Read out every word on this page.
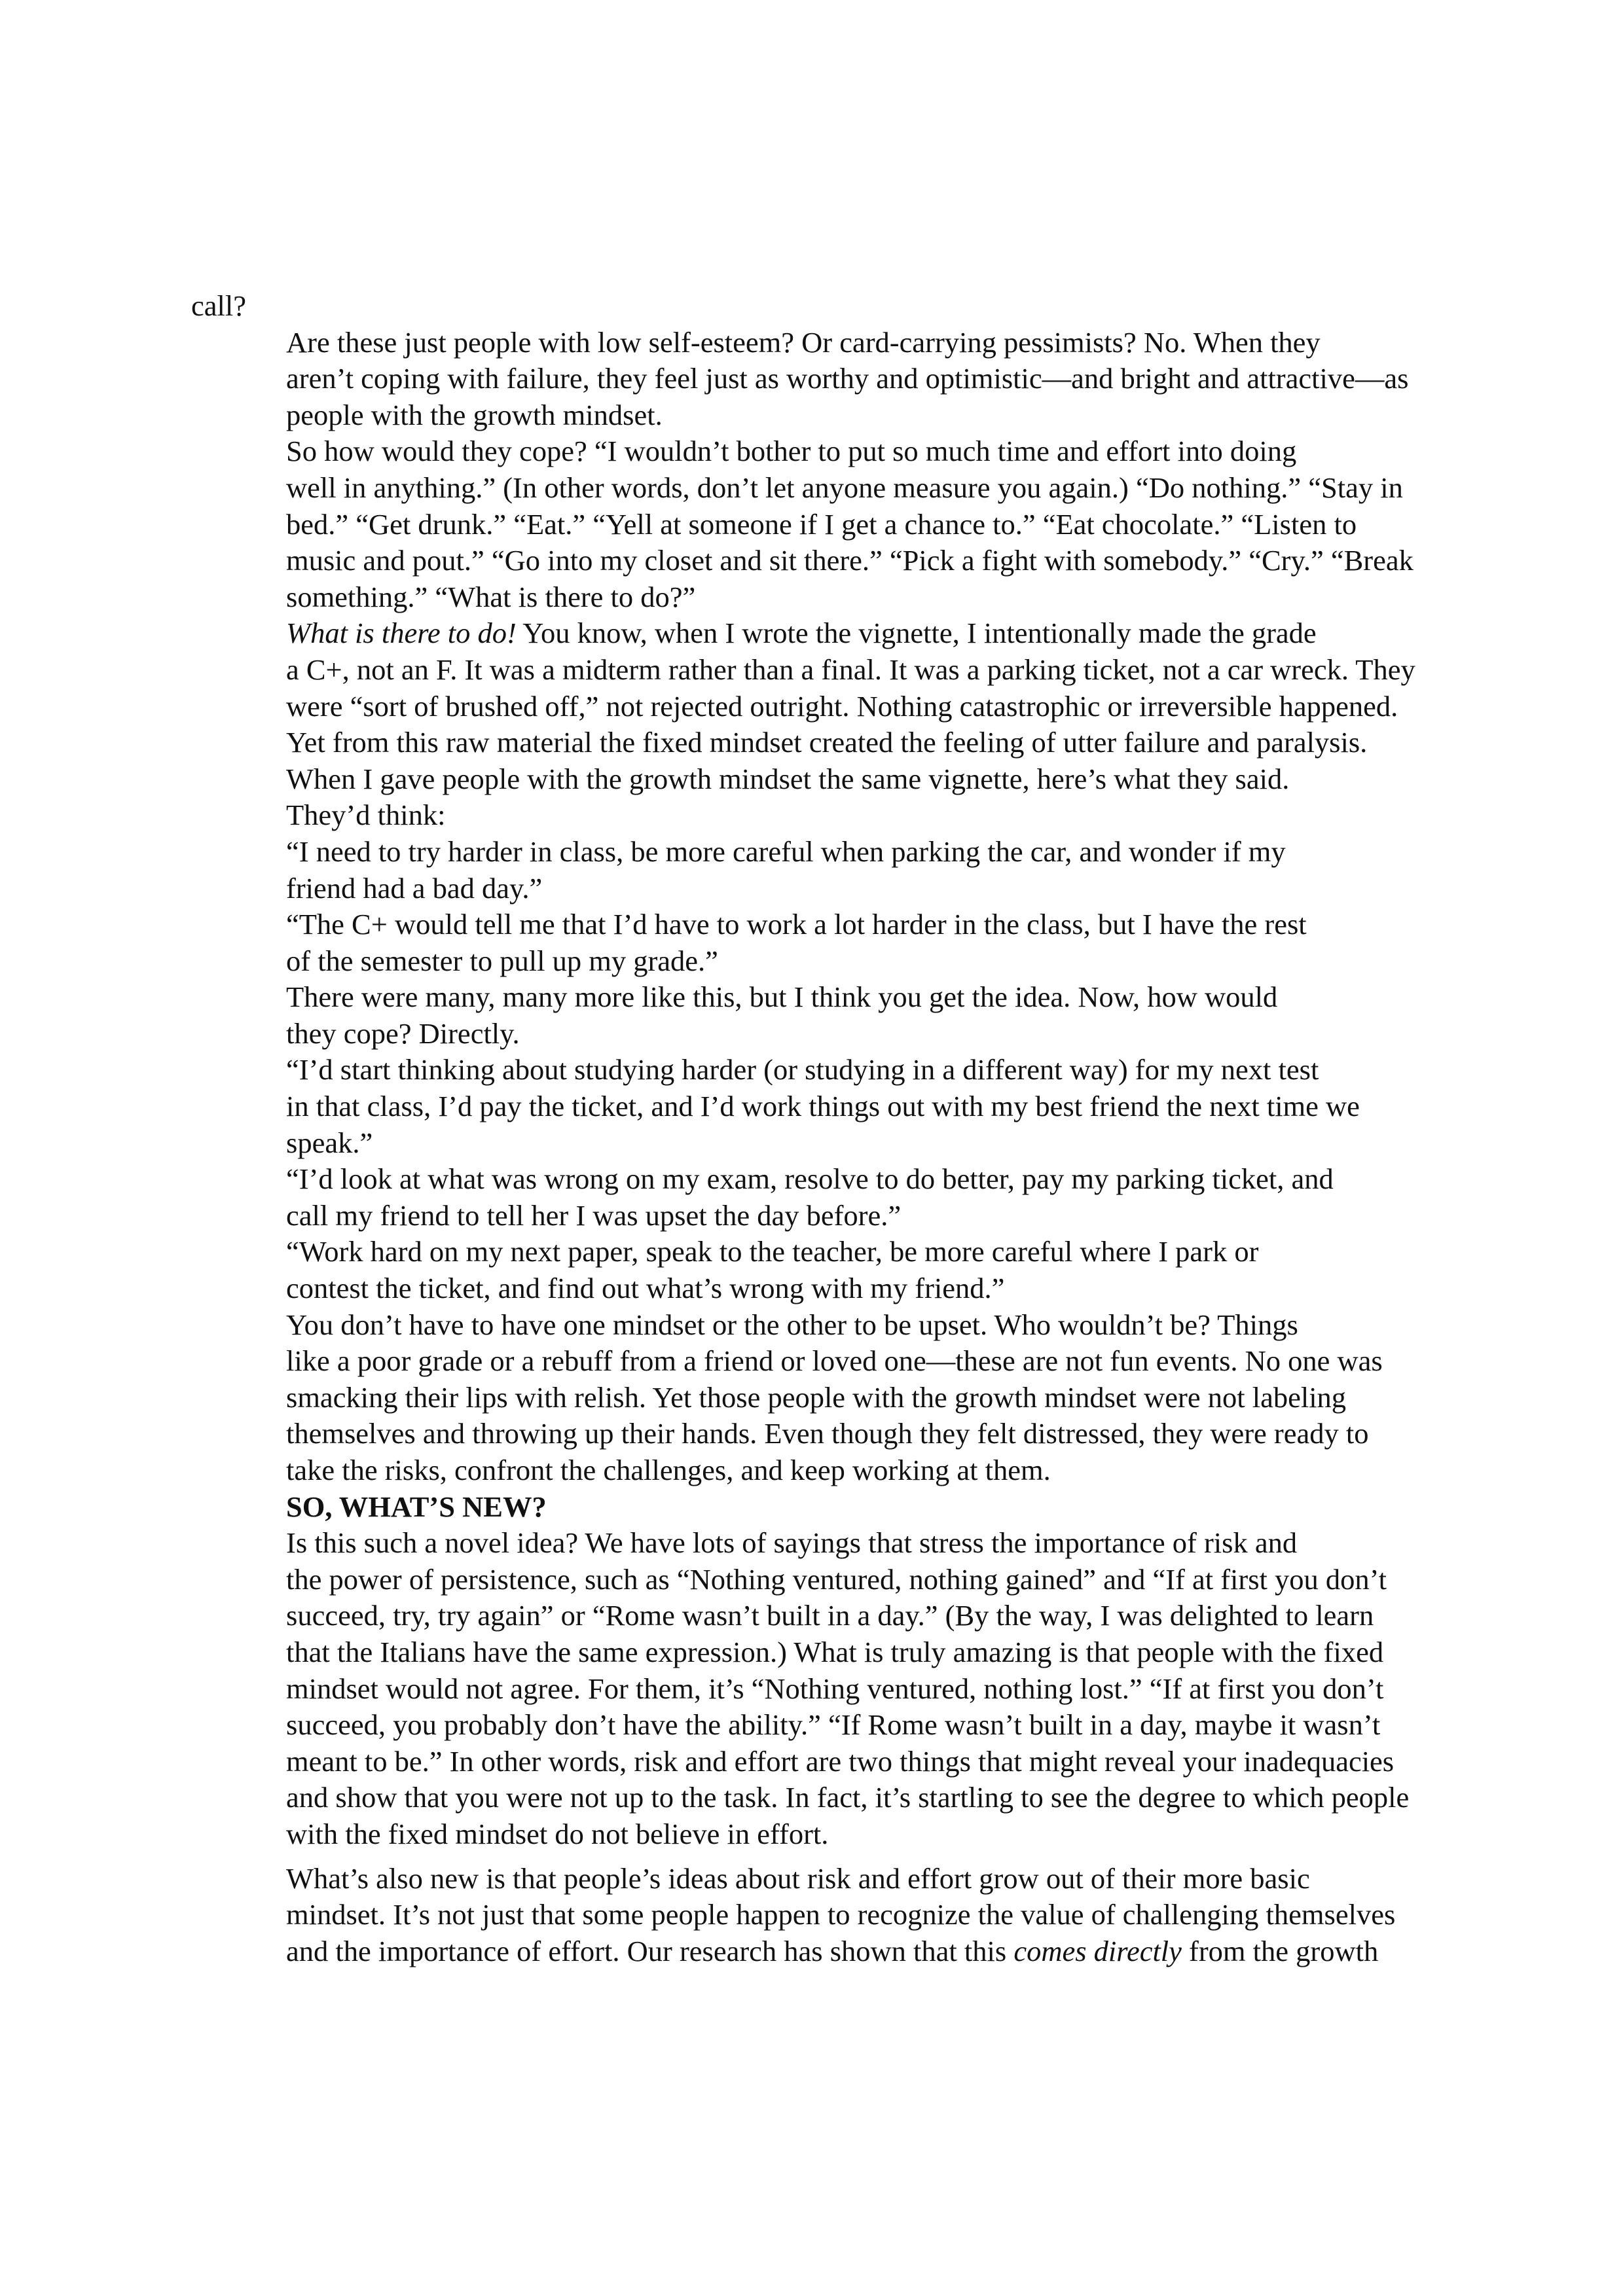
call?

Are these just people with low self-esteem? Or card-carrying pessimists? No. When they
aren’t coping with failure, they feel just as worthy and optimistic—and bright and attractive—as
people with the growth mindset.

So how would they cope? “I wouldn’t bother to put so much time and effort into doing
well in anything.” (In other words, don’t let anyone measure you again.) “Do nothing.” “Stay in
bed.” “Get drunk.” “Eat.” “Yell at someone if I get a chance to.” “Eat chocolate.” “Listen to
music and pout.” “Go into my closet and sit there.” “Pick a fight with somebody.” “Cry.” “Break
something.” “What is there to do?”

What is there to do! You know, when I wrote the vignette, I intentionally made the grade
a C+, not an F. It was a midterm rather than a final. It was a parking ticket, not a car wreck. They
were “sort of brushed off,” not rejected outright. Nothing catastrophic or irreversible happened.
Yet from this raw material the fixed mindset created the feeling of utter failure and paralysis.

When I gave people with the growth mindset the same vignette, here’s what they said.
They’d think:

“I need to try harder in class, be more careful when parking the car, and wonder if my
friend had a bad day.”

“The C+ would tell me that I’d have to work a lot harder in the class, but I have the rest
of the semester to pull up my grade.”

There were many, many more like this, but I think you get the idea. Now, how would
they cope? Directly.

“I’d start thinking about studying harder (or studying in a different way) for my next test
in that class, I’d pay the ticket, and I’d work things out with my best friend the next time we
speak.”

“I’d look at what was wrong on my exam, resolve to do better, pay my parking ticket, and
call my friend to tell her I was upset the day before.”

“Work hard on my next paper, speak to the teacher, be more careful where I park or
contest the ticket, and find out what’s wrong with my friend.”

You don’t have to have one mindset or the other to be upset. Who wouldn’t be? Things
like a poor grade or a rebuff from a friend or loved one—these are not fun events. No one was
smacking their lips with relish. Yet those people with the growth mindset were not labeling
themselves and throwing up their hands. Even though they felt distressed, they were ready to
take the risks, confront the challenges, and keep working at them.

SO, WHAT’S NEW?

Is this such a novel idea? We have lots of sayings that stress the importance of risk and
the power of persistence, such as “Nothing ventured, nothing gained” and “If at first you don’t
succeed, try, try again” or “Rome wasn’t built in a day.” (By the way, I was delighted to learn
that the Italians have the same expression.) What is truly amazing is that people with the fixed
mindset would not agree. For them, it’s “Nothing ventured, nothing lost.” “If at first you don’t
succeed, you probably don’t have the ability.” “If Rome wasn’t built in a day, maybe it wasn’t
meant to be.” In other words, risk and effort are two things that might reveal your inadequacies
and show that you were not up to the task. In fact, it’s startling to see the degree to which people
with the fixed mindset do not believe in effort.

What’s also new is that people’s ideas about risk and effort grow out of their more basic
mindset. It’s not just that some people happen to recognize the value of challenging themselves
and the importance of effort. Our research has shown that this comes directly from the growth
